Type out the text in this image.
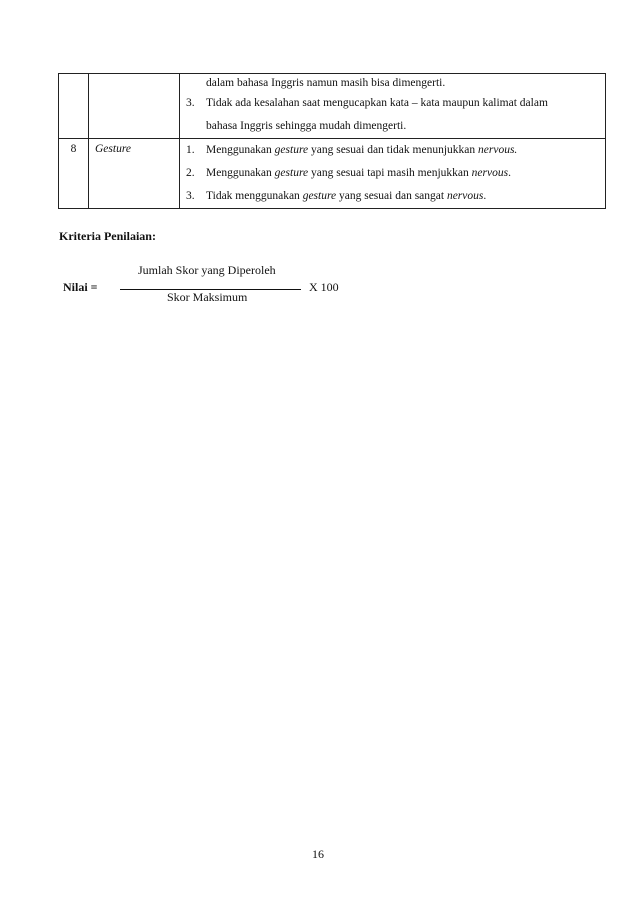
		dalam bahasa Inggris namun masih bisa dimengerti.
3. Tidak ada kesalahan saat mengucapkan kata – kata maupun kalimat dalam
bahasa Inggris sehingga mudah dimengerti.

8	Gesture	1. Menggunakan gesture yang sesuai dan tidak menunjukkan nervous.
2. Menggunakan gesture yang sesuai tapi masih menjukkan nervous.
3. Tidak menggunakan gesture yang sesuai dan sangat nervous.
Kriteria Penilaian:
Nilai =
Jumlah Skor yang Diperoleh
Skor Maksimum
X 100
16
